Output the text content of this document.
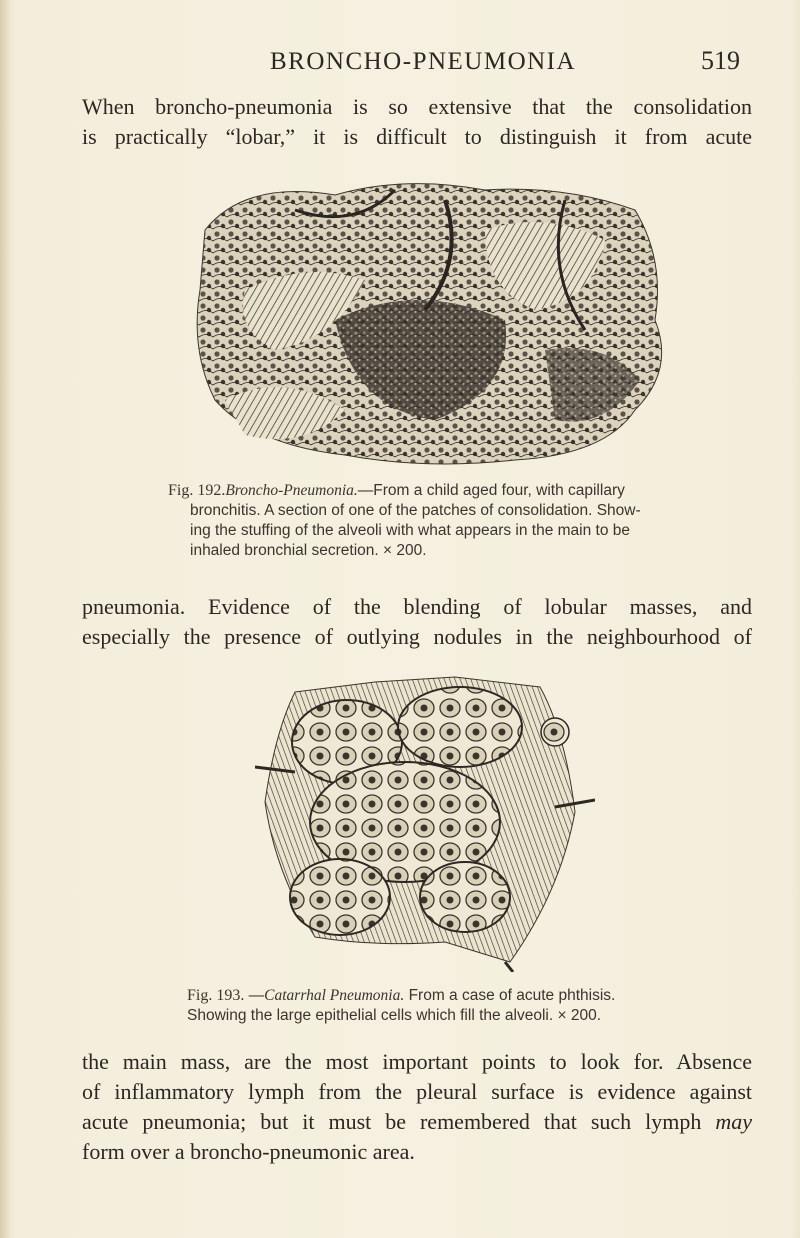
BRONCHO-PNEUMONIA	519

When broncho-pneumonia is so extensive that the consolidation
is practically “lobar,” it is difficult to distinguish it from acute

Fig. 192.Broncho-Pneumonia.—From a child aged four, with capillary
bronchitis. A section of one of the patches of consolidation. Show-
ing the stuffing of the alveoli with what appears in the main to be
inhaled bronchial secretion. × 200.

pneumonia. Evidence of the blending of lobular masses, and
especially the presence of outlying nodules in the neighbourhood of

Fig. 193. —Catarrhal Pneumonia. From a case of acute phthisis.
Showing the large epithelial cells which fill the alveoli. × 200.

the main mass, are the most important points to look for. Absence
of inflammatory lymph from the pleural surface is evidence against
acute pneumonia; but it must be remembered that such lymph may
form over a broncho-pneumonic area.
